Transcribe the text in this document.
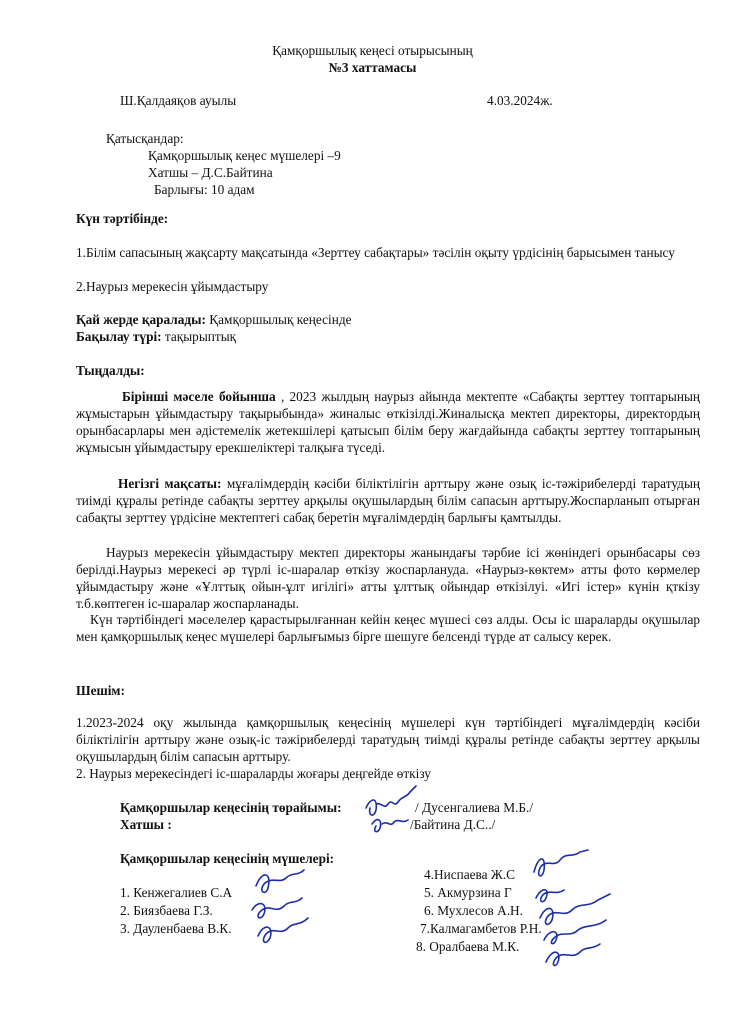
Қамқоршылық кеңесі отырысының
№3 хаттамасы
Ш.Қалдаяқов ауылы	4.03.2024ж.
Қатысқандар:
Қамқоршылық кеңес мүшелері –9
Хатшы – Д.С.Байтина
Барлығы: 10 адам
Күн тәртібінде:
1.Білім сапасының жақсарту мақсатында «Зерттеу сабақтары» тәсілін оқыту үрдісінің барысымен танысу
2.Наурыз мерекесін ұйымдастыру
Қай жерде қаралады: Қамқоршылық кеңесінде
Бақылау түрі: тақырыптық
Тыңдалды:
Бірінші мәселе бойынша , 2023 жылдың наурыз айында мектепте «Сабақты зерттеу топтарының жұмыстарын ұйымдастыру тақырыбында» жиналыс өткізілді.Жиналысқа мектеп директоры, директордың орынбасарлары мен әдістемелік жетекшілері қатысып білім беру жағдайында сабақты зерттеу топтарының жұмысын ұйымдастыру ерекшеліктері талқыға түседі.
Негізгі мақсаты: мұғалімдердің кәсіби біліктілігін арттыру және озық іс-тәжірибелерді таратудың тиімді құралы ретінде сабақты зерттеу арқылы оқушылардың білім сапасын арттыру.Жоспарланып отырған сабақты зерттеу үрдісіне мектептегі сабақ беретін мұғалімдердің барлығы қамтылды.
Наурыз мерекесін ұйымдастыру мектеп директоры жанындағы тәрбие ісі жөніндегі орынбасары сөз берілді.Наурыз мерекесі әр түрлі іс-шаралар өткізу жоспарлануда. «Наурыз-көктем» атты фото көрмелер ұйымдастыру және «Ұлттық ойын-ұлт игілігі» атты ұлттық ойындар өткізілуі. «Игі істер» күнін қткізу т.б.көптеген іс-шаралар жоспарланады.
Күн тәртібіндегі мәселелер қарастырылғаннан кейін кеңес мүшесі сөз алды. Осы іс шараларды оқушылар мен қамқоршылық кеңес мүшелері барлығымыз бірге шешуге белсенді түрде ат салысу керек.
Шешім:
1.2023-2024 оқу жылында қамқоршылық кеңесінің мүшелері күн тәртібіндегі мұғалімдердің кәсіби біліктілігін арттыру және озық-іс тәжірибелерді таратудың тиімді құралы ретінде сабақты зерттеу арқылы оқушылардың білім сапасын арттыру.
2. Наурыз мерекесіндегі іс-шараларды жоғары деңгейде өткізу
Қамқоршылар кеңесінің төрайымы:	/ Дусенгалиева М.Б./
Хатшы :	/Байтина Д.С../
Қамқоршылар кеңесінің мүшелері:
1. Кенжегалиев С.А
2. Биязбаева Г.З.
3. Дауленбаева В.К.
4.Ниспаева Ж.С
5. Акмурзина Г
6. Мухлесов А.Н.
7.Калмагамбетов Р.Н.
8. Оралбаева М.К.
